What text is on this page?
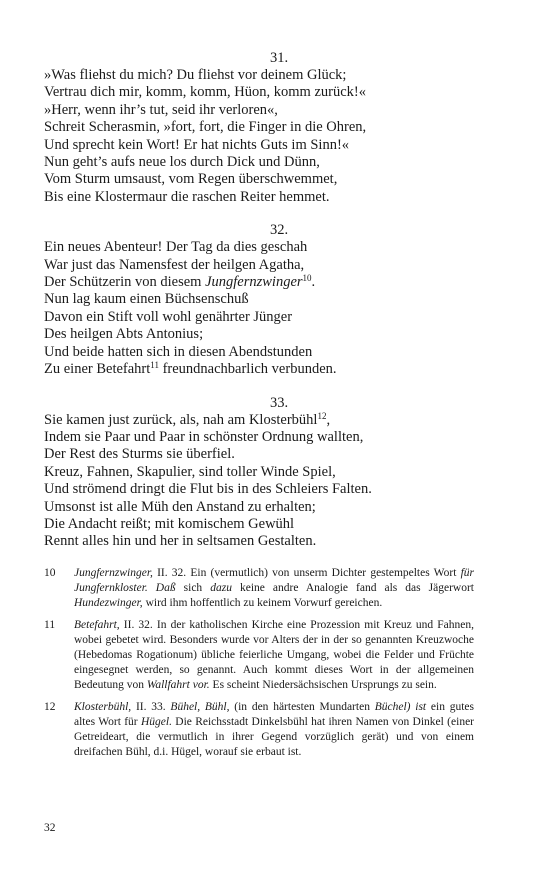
31.
»Was fliehst du mich? Du fliehst vor deinem Glück;
Vertrau dich mir, komm, komm, Hüon, komm zurück!«
»Herr, wenn ihr’s tut, seid ihr verloren«,
Schreit Scherasmin, »fort, fort, die Finger in die Ohren,
Und sprecht kein Wort! Er hat nichts Guts im Sinn!«
Nun geht’s aufs neue los durch Dick und Dünn,
Vom Sturm umsaust, vom Regen überschwemmet,
Bis eine Klostermaur die raschen Reiter hemmet.
32.
Ein neues Abenteur! Der Tag da dies geschah
War just das Namensfest der heilgen Agatha,
Der Schützerin von diesem Jungfernzwinger$^{10}$.
Nun lag kaum einen Büchsenschuß
Davon ein Stift voll wohl genährter Jünger
Des heilgen Abts Antonius;
Und beide hatten sich in diesen Abendstunden
Zu einer Betefahrt$^{11}$ freundnachbarlich verbunden.
33.
Sie kamen just zurück, als, nah am Klosterbühl$^{12}$,
Indem sie Paar und Paar in schönster Ordnung wallten,
Der Rest des Sturms sie überfiel.
Kreuz, Fahnen, Skapulier, sind toller Winde Spiel,
Und strömend dringt die Flut bis in des Schleiers Falten.
Umsonst ist alle Müh den Anstand zu erhalten;
Die Andacht reißt; mit komischem Gewühl
Rennt alles hin und her in seltsamen Gestalten.
10	Jungfernzwinger, II. 32. Ein (vermutlich) von unserm Dichter gestempeltes Wort für Jungfernkloster. Daß sich dazu keine andre Analogie fand als das Jägerwort Hundezwinger, wird ihm hoffentlich zu keinem Vorwurf gereichen.
11	Betefahrt, II. 32. In der katholischen Kirche eine Prozession mit Kreuz und Fahnen, wobei gebetet wird. Besonders wurde vor Alters der in der so genannten Kreuzwoche (Hebedomas Rogationum) übliche feierliche Umgang, wobei die Felder und Früchte eingesegnet werden, so genannt. Auch kommt dieses Wort in der allgemeinen Bedeutung von Wallfahrt vor. Es scheint Niedersächsischen Ursprungs zu sein.
12	Klosterbühl, II. 33. Bühel, Bühl, (in den härtesten Mundarten Büchel) ist ein gutes altes Wort für Hügel. Die Reichsstadt Dinkelsbühl hat ihren Namen von Dinkel (einer Getreideart, die vermutlich in ihrer Gegend vorzüglich gerät) und von einem dreifachen Bühl, d.i. Hügel, worauf sie erbaut ist.
32
